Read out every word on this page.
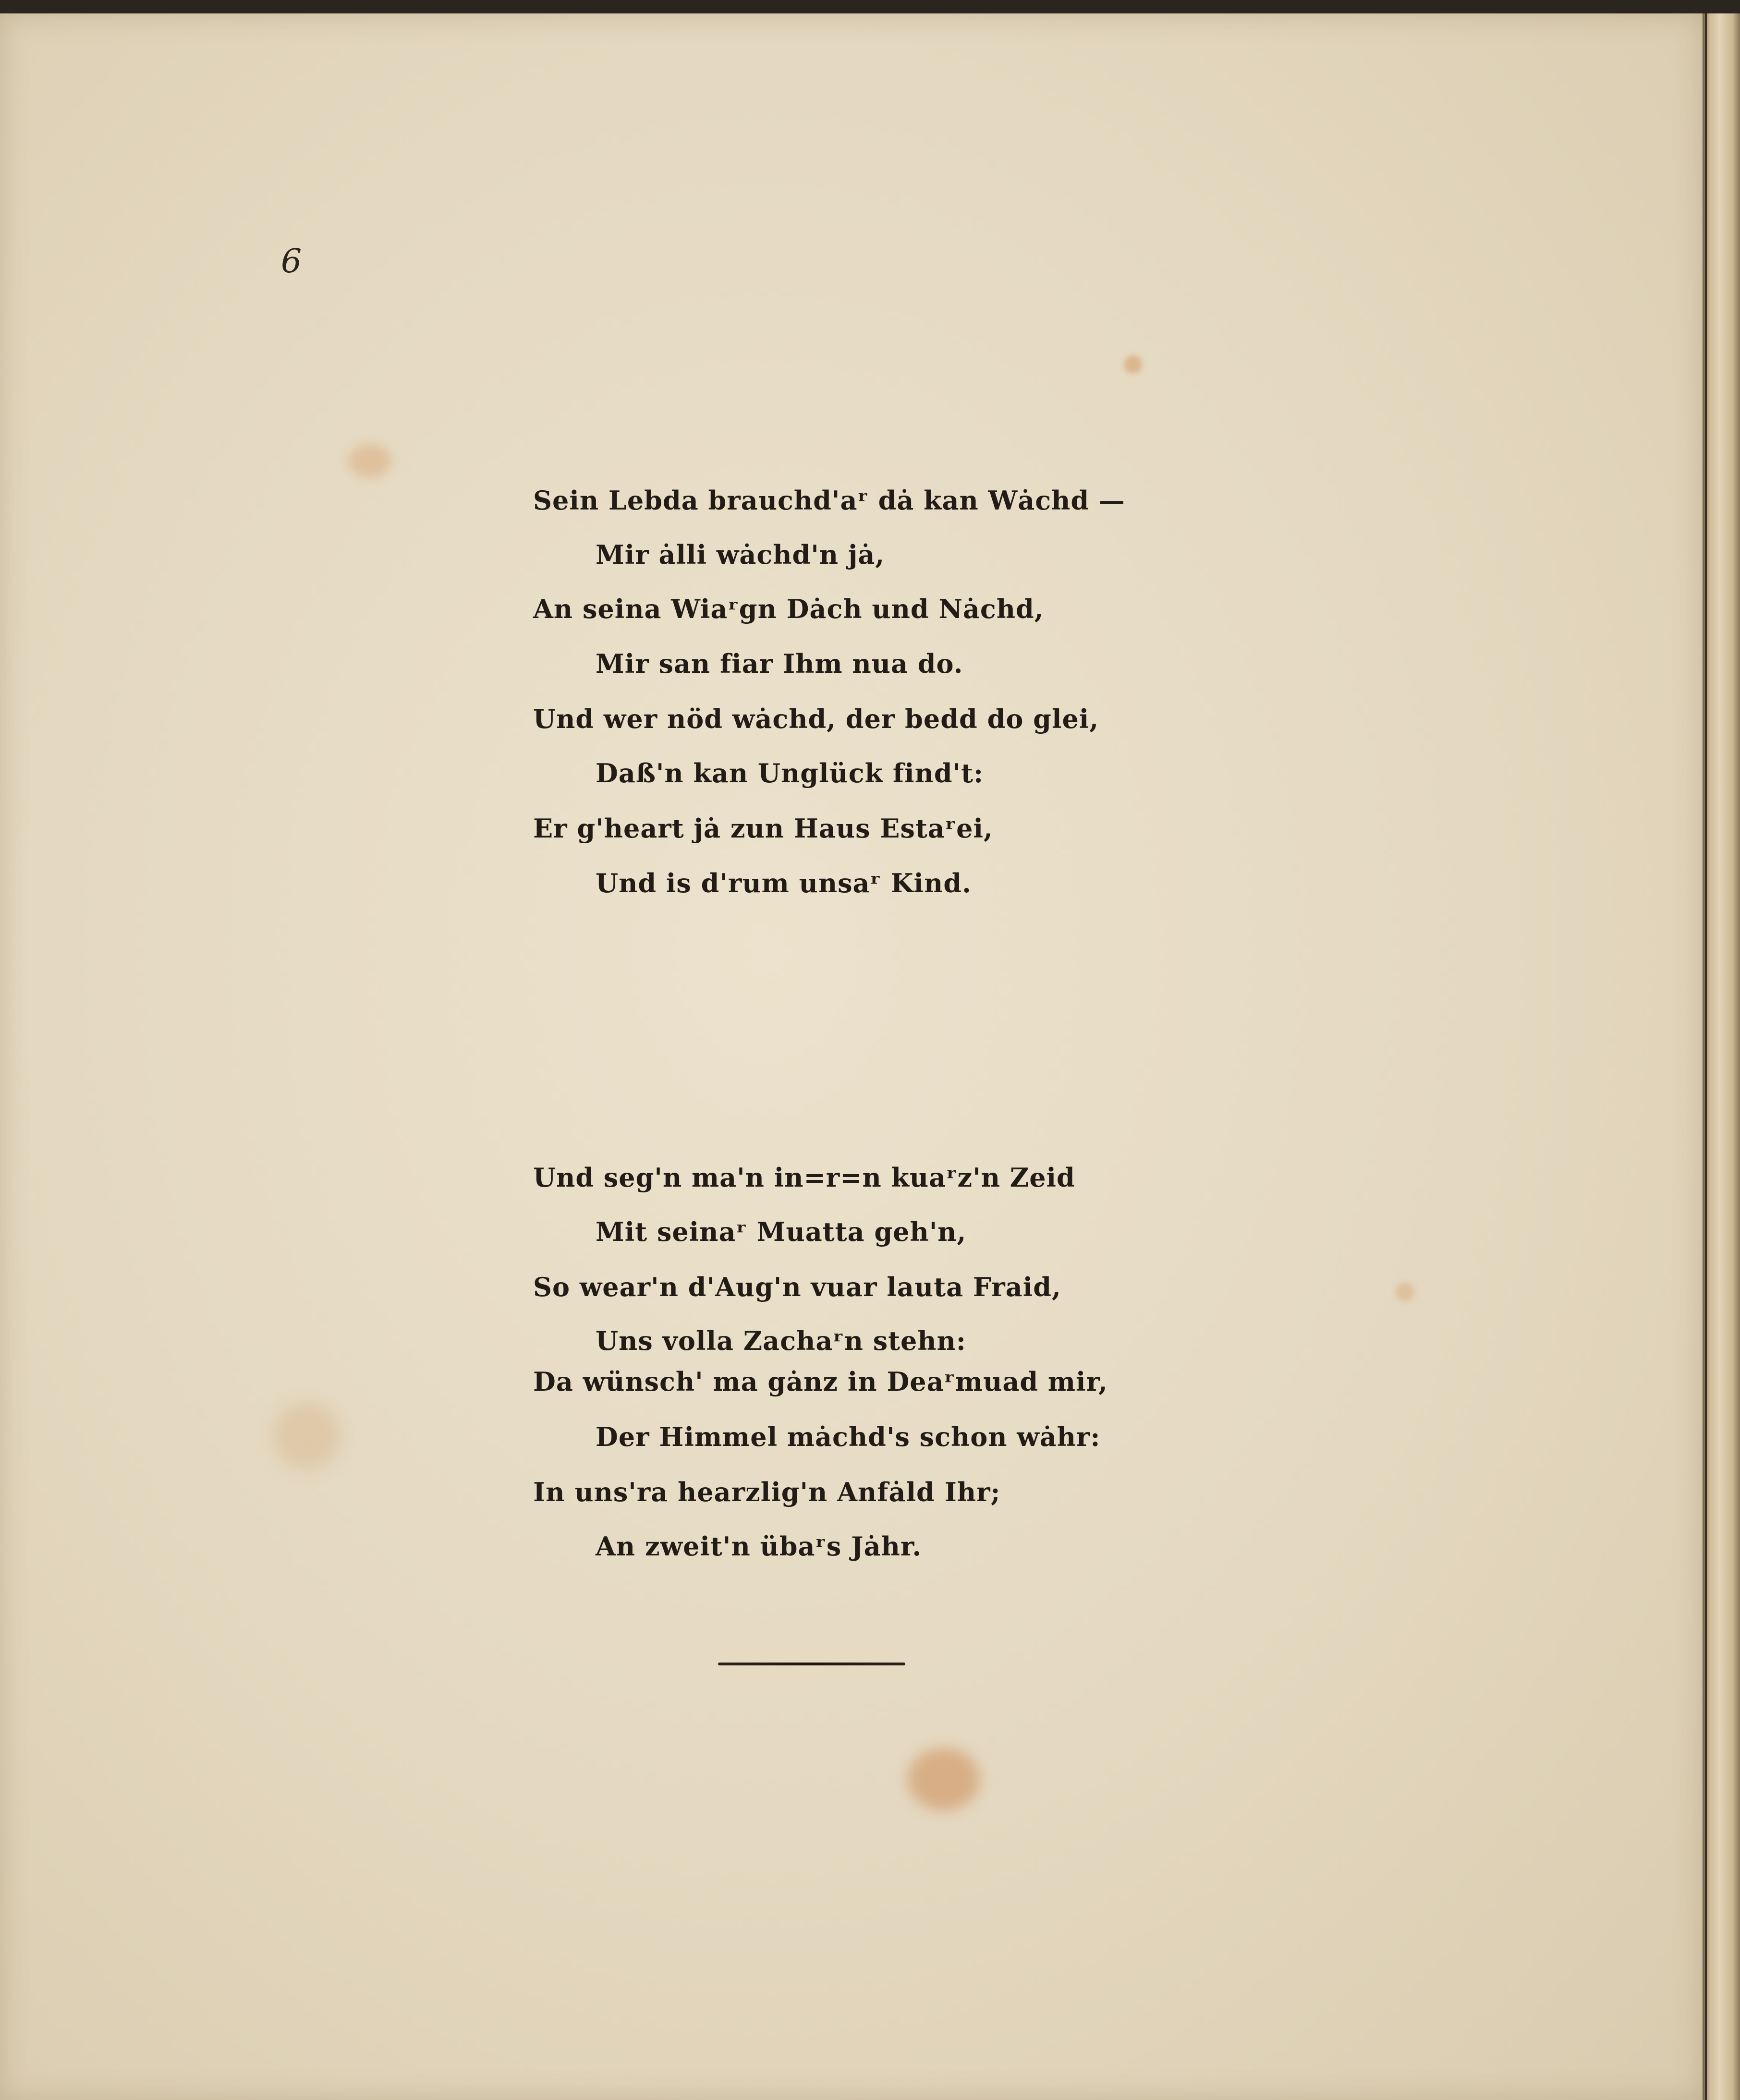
6
Sein Lebda brauchd'aʳ dȧ kan Wȧchd —
Mir ȧlli wȧchd'n jȧ,
An seina Wiaʳgn Dȧch und Nȧchd,
Mir san fiar Ihm nua do.
Und wer nöd wȧchd, der bedd do glei,
Daß'n kan Unglück find't:
Er g'heart jȧ zun Haus Estaʳei,
Und is d'rum unsaʳ Kind.
Und seg'n ma'n in=r=n kuaʳz'n Zeid
Mit seinaʳ Muatta geh'n,
So wear'n d'Aug'n vuar lauta Fraid,
Uns volla Zachaʳn stehn:
Da wünsch' ma gȧnz in Deaʳmuad mir,
Der Himmel mȧchd's schon wȧhr:
In uns'ra hearzlig'n Anfȧld Ihr;
An zweit'n übaʳs Jȧhr.
